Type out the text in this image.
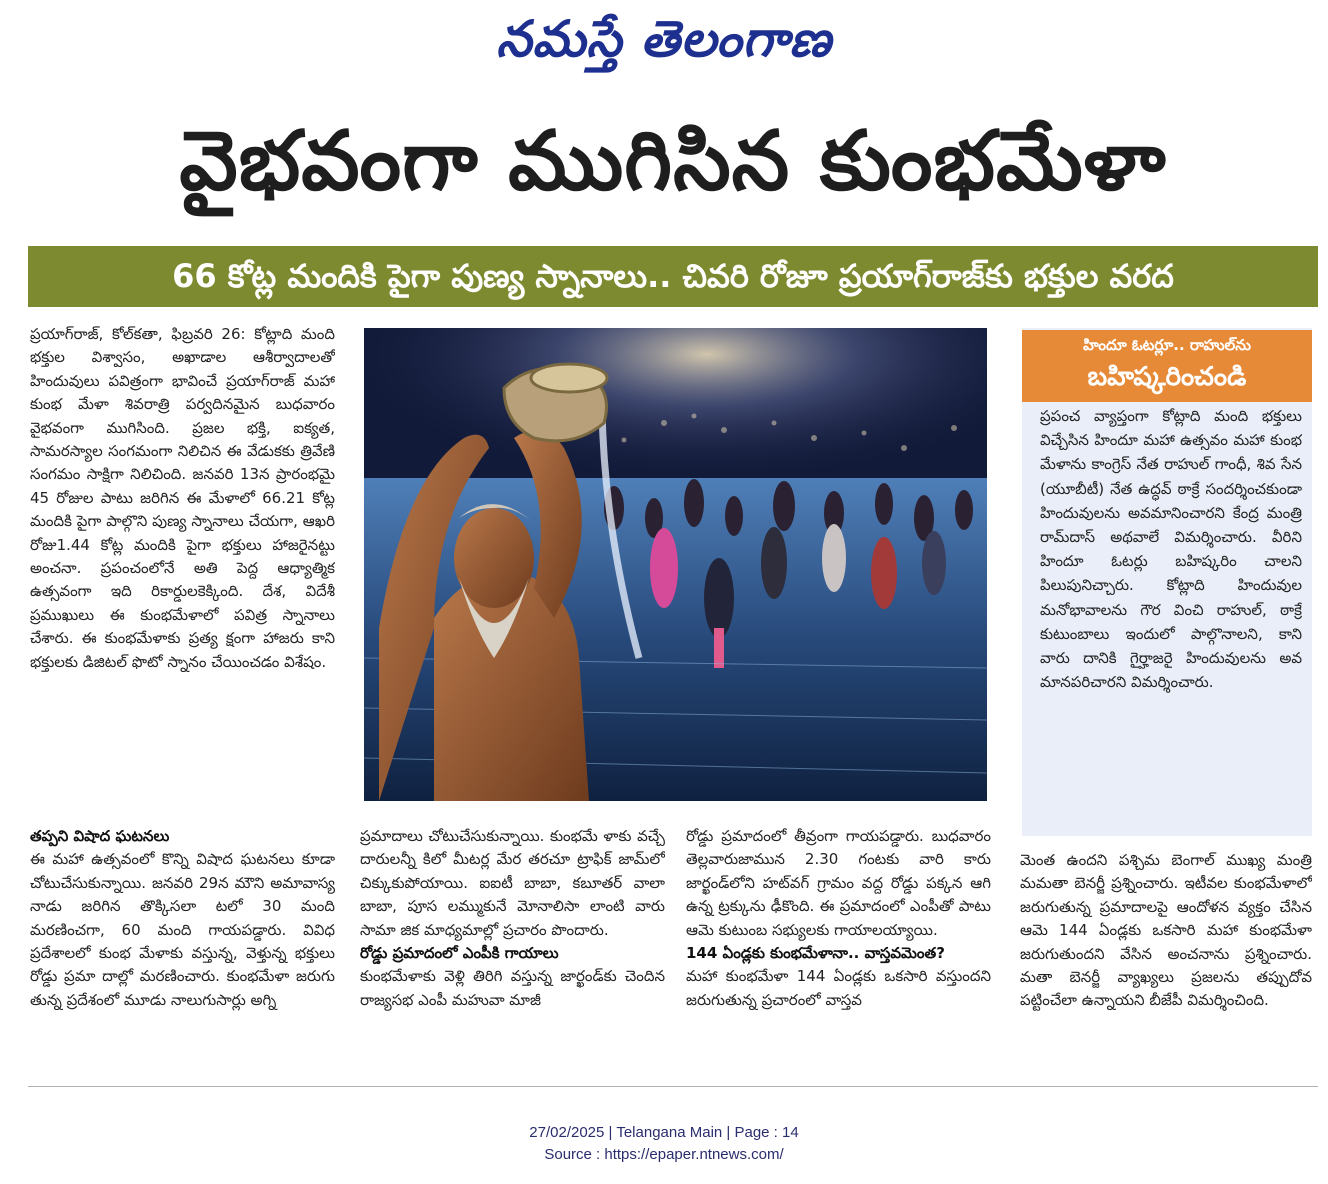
నమస్తే తెలంగాణ
వైభవంగా ముగిసిన కుంభమేళా
66 కోట్ల మందికి పైగా పుణ్య స్నానాలు.. చివరి రోజూ ప్రయాగ్‌రాజ్‌కు భక్తుల వరద

ప్రయాగ్‌రాజ్‌, కోల్‌కతా, ఫిబ్రవరి 26: కోట్లాది మంది భక్తుల విశ్వాసం, అఖాడాల ఆశీర్వాదాలతో హిందువులు పవిత్రంగా భావించే ప్రయాగ్‌రాజ్‌ మహా కుంభ మేళా శివరాత్రి పర్వదినమైన బుధవారం వైభవంగా ముగిసింది. ప్రజల భక్తి, ఐక్యత, సామరస్యాల సంగమంగా నిలిచిన ఈ వేడుకకు త్రివేణి సంగమం సాక్షిగా నిలిచింది. జనవరి 13న ప్రారంభమై 45 రోజుల పాటు జరిగిన ఈ మేళాలో 66.21 కోట్ల మందికి పైగా పాల్గొని పుణ్య స్నానాలు చేయగా, ఆఖరి రోజు1.44 కోట్ల మందికి పైగా భక్తులు హాజరైనట్టు అంచనా. ప్రపంచంలోనే అతి పెద్ద ఆధ్యాత్మిక ఉత్సవంగా ఇది రికార్డులకెక్కింది. దేశ, విదేశీ ప్రముఖులు ఈ కుంభమేళాలో పవిత్ర స్నానాలు చేశారు. ఈ కుంభమేళాకు ప్రత్య క్షంగా హాజరు కాని భక్తులకు డిజిటల్‌ ఫొటో స్నానం చేయించడం విశేషం.

హిందూ ఓటర్లూ.. రాహుల్‌ను
బహిష్కరించండి
ప్రపంచ వ్యాప్తంగా కోట్లాది మంది భక్తులు విచ్చేసిన హిందూ మహా ఉత్సవం మహా కుంభ మేళాను కాంగ్రెస్‌ నేత రాహుల్‌ గాంధీ, శివ సేన (యూబీటీ) నేత ఉద్ధవ్‌ ఠాక్రే సందర్శించకుండా హిందువులను అవమానించారని కేంద్ర మంత్రి రామ్‌దాస్‌ అథవాలే విమర్శించారు. వీరిని హిందూ ఓటర్లు బహిష్కరిం చాలని పిలుపునిచ్చారు. కోట్లాది హిందువుల మనోభావాలను గౌర వించి రాహుల్‌, ఠాక్రే కుటుంబాలు ఇందులో పాల్గొనాలని, కాని వారు దానికి గైర్హాజరై హిందువులను అవ మానపరిచారని విమర్శించారు.

తప్పని విషాద ఘటనలు

ఈ మహా ఉత్సవంలో కొన్ని విషాద ఘటనలు కూడా చోటుచేసుకున్నాయి. జనవరి 29న మౌని అమావాస్య నాడు జరిగిన తొక్కిసలా టలో 30 మంది మరణించగా, 60 మంది గాయపడ్డారు. వివిధ ప్రదేశాలలో కుంభ మేళాకు వస్తున్న, వెళ్తున్న భక్తులు రోడ్డు ప్రమా దాల్లో మరణించారు. కుంభమేళా జరుగు తున్న ప్రదేశంలో మూడు నాలుగుసార్లు అగ్ని

ప్రమాదాలు చోటుచేసుకున్నాయి. కుంభమే ళాకు వచ్చే దారులన్నీ కిలో మీటర్ల మేర తరచూ ట్రాఫిక్‌ జామ్‌లో చిక్కుకుపోయాయి. ఐఐటీ బాబా, కబూతర్‌ వాలా బాబా, పూస లమ్ముకునే మోనాలిసా లాంటి వారు సామా జిక మాధ్యమాల్లో ప్రచారం పొందారు.

రోడ్డు ప్రమాదంలో ఎంపీకి గాయాలు

కుంభమేళాకు వెళ్లి తిరిగి వస్తున్న జార్ఖండ్‌కు చెందిన రాజ్యసభ ఎంపీ మహువా మాజీ

రోడ్డు ప్రమాదంలో తీవ్రంగా గాయపడ్డారు. బుధవారం తెల్లవారుజామున 2.30 గంటకు వారి కారు జార్ఖండ్‌లోని హట్‌వగ్‌ గ్రామం వద్ద రోడ్డు పక్కన ఆగి ఉన్న ట్రక్కును ఢీకొంది. ఈ ప్రమాదంలో ఎంపీతో పాటు ఆమె కుటుంబ సభ్యులకు గాయాలయ్యాయి.

144 ఏండ్లకు కుంభమేళానా.. వాస్తవమెంత?

మహా కుంభమేళా 144 ఏండ్లకు ఒకసారి వస్తుందని జరుగుతున్న ప్రచారంలో వాస్తవ

మెంత ఉందని పశ్చిమ బెంగాల్‌ ముఖ్య మంత్రి మమతా బెనర్జీ ప్రశ్నించారు. ఇటీవల కుంభమేళాలో జరుగుతున్న ప్రమాదాలపై ఆందోళన వ్యక్తం చేసిన ఆమె 144 ఏండ్లకు ఒకసారి మహా కుంభమేళా జరుగుతుందని వేసిన అంచనాను ప్రశ్నించారు. మతా బెనర్జీ వ్యాఖ్యలు ప్రజలను తప్పుదోవ పట్టించేలా ఉన్నాయని బీజేపీ విమర్శించింది.

27/02/2025 | Telangana Main | Page : 14
Source : https://epaper.ntnews.com/
